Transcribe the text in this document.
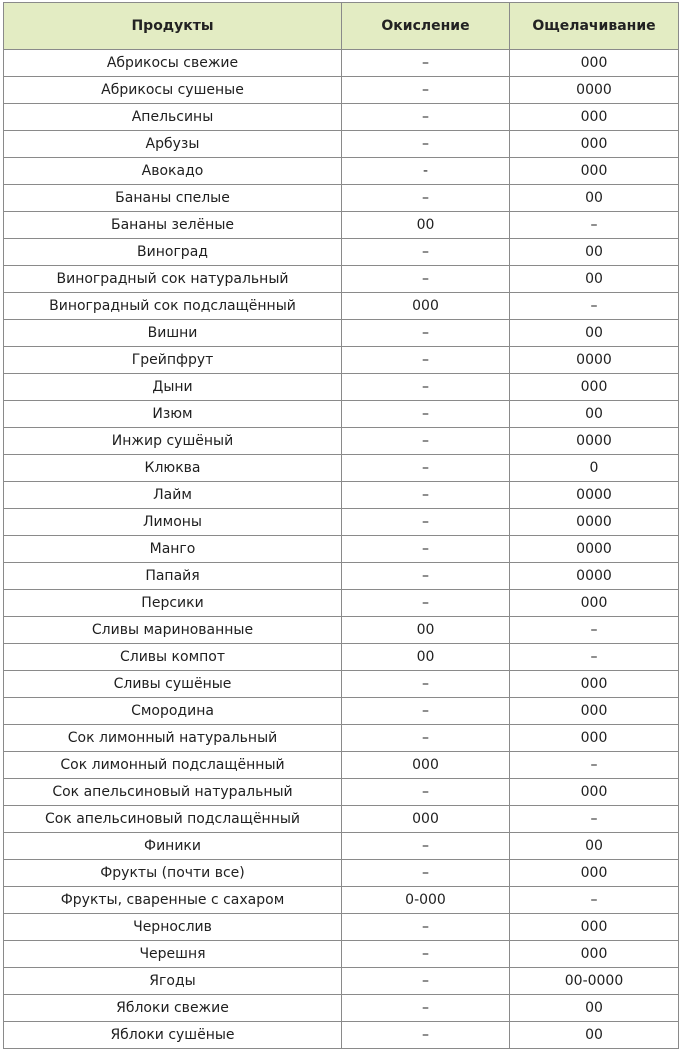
Продукты	Окисление	Ощелачивание
Абрикосы свежие	–	000
Абрикосы сушеные	–	0000
Апельсины	–	000
Арбузы	–	000
Авокадо	-	000
Бананы спелые	–	00
Бананы зелёные	00	–
Виноград	–	00
Виноградный сок натуральный	–	00
Виноградный сок подслащённый	000	–
Вишни	–	00
Грейпфрут	–	0000
Дыни	–	000
Изюм	–	00
Инжир сушёный	–	0000
Клюква	–	0
Лайм	–	0000
Лимоны	–	0000
Манго	–	0000
Папайя	–	0000
Персики	–	000
Сливы маринованные	00	–
Сливы компот	00	–
Сливы сушёные	–	000
Смородина	–	000
Сок лимонный натуральный	–	000
Сок лимонный подслащённый	000	–
Сок апельсиновый натуральный	–	000
Сок апельсиновый подслащённый	000	–
Финики	–	00
Фрукты (почти все)	–	000
Фрукты, сваренные с сахаром	0-000	–
Чернослив	–	000
Черешня	–	000
Ягоды	–	00-0000
Яблоки свежие	–	00
Яблоки сушёные	–	00
